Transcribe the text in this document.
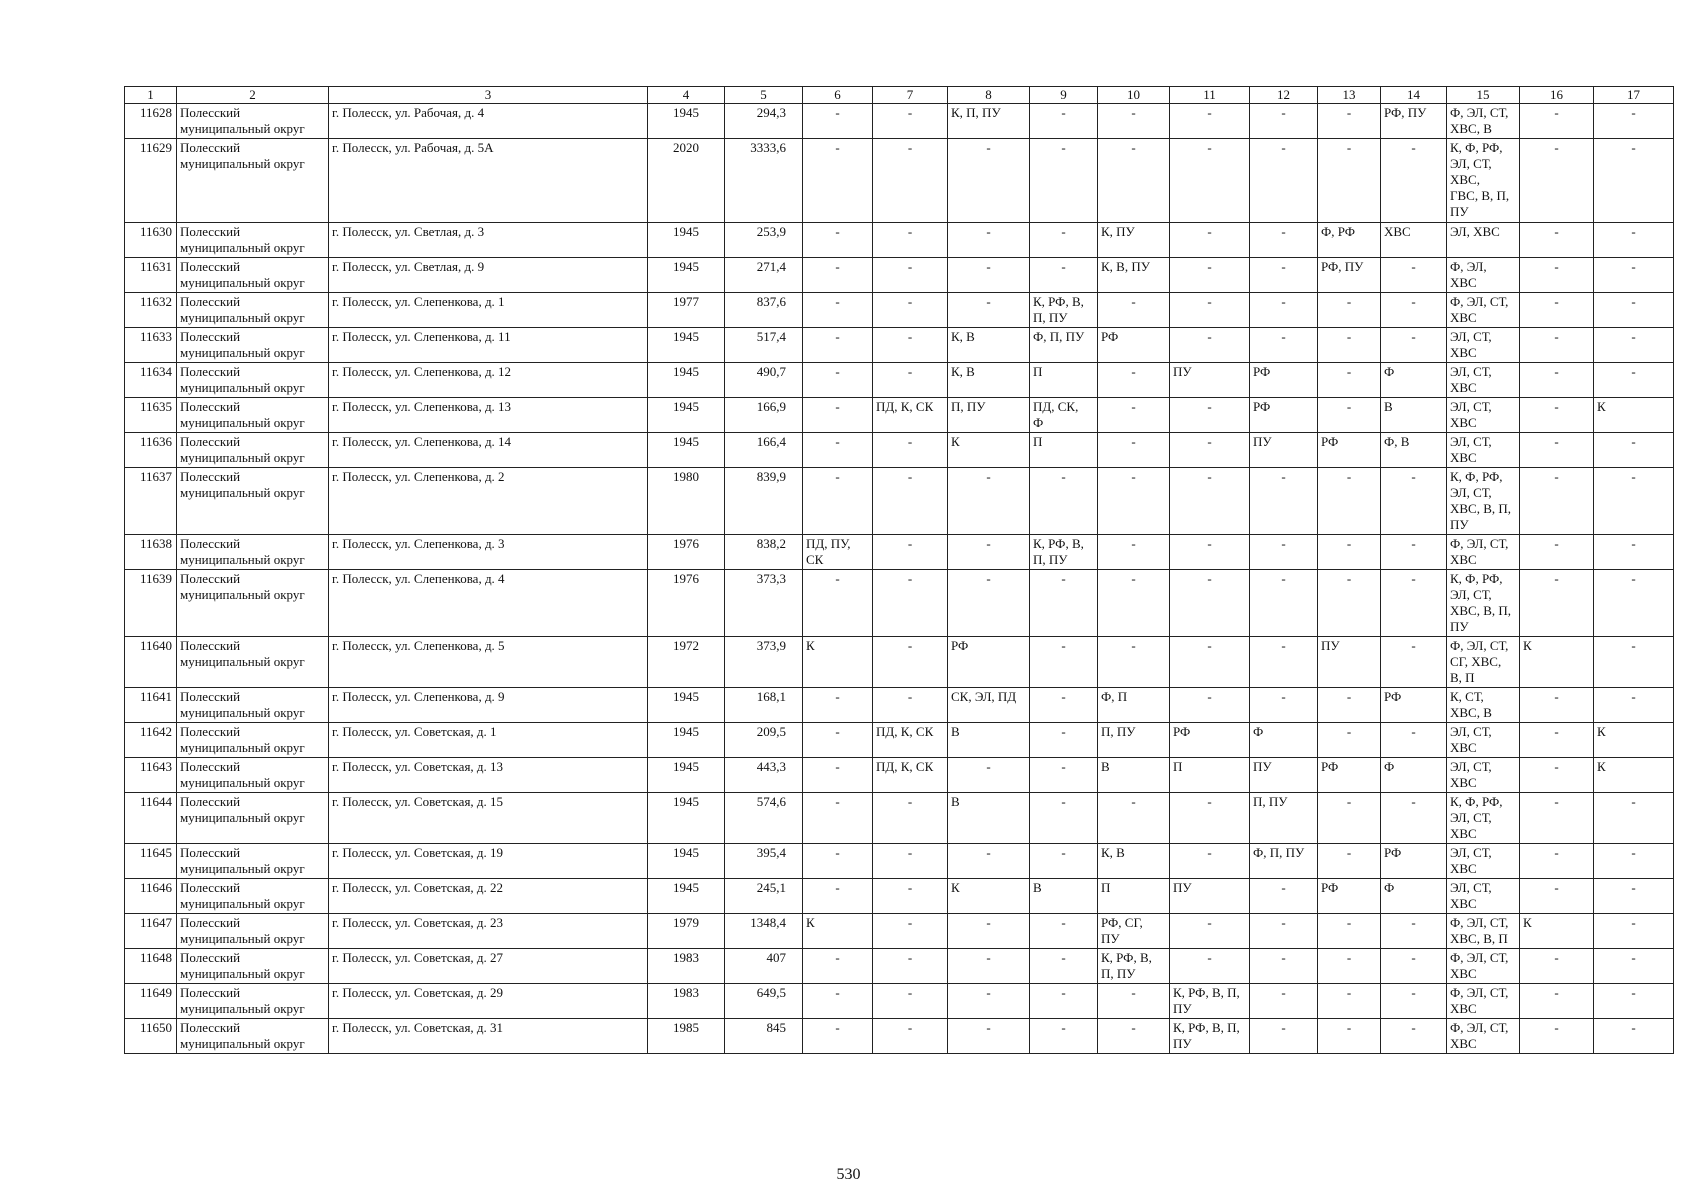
1	2	3	4	5	6	7	8	9	10	11	12	13	14	15	16	17
11628	Полесский
муниципальный округ	г. Полесск, ул. Рабочая, д. 4	1945	294,3	-	-	К, П, ПУ	-	-	-	-	-	РФ, ПУ	Ф, ЭЛ, СТ,
ХВС, В	-	-
11629	Полесский
муниципальный округ	г. Полесск, ул. Рабочая, д. 5А	2020	3333,6	-	-	-	-	-	-	-	-	-	К, Ф, РФ,
ЭЛ, СТ,
ХВС,
ГВС, В, П,
ПУ	-	-
11630	Полесский
муниципальный округ	г. Полесск, ул. Светлая, д. 3	1945	253,9	-	-	-	-	К, ПУ	-	-	Ф, РФ	ХВС	ЭЛ, ХВС	-	-
11631	Полесский
муниципальный округ	г. Полесск, ул. Светлая, д. 9	1945	271,4	-	-	-	-	К, В, ПУ	-	-	РФ, ПУ	-	Ф, ЭЛ,
ХВС	-	-
11632	Полесский
муниципальный округ	г. Полесск, ул. Слепенкова, д. 1	1977	837,6	-	-	-	К, РФ, В,
П, ПУ	-	-	-	-	-	Ф, ЭЛ, СТ,
ХВС	-	-
11633	Полесский
муниципальный округ	г. Полесск, ул. Слепенкова, д. 11	1945	517,4	-	-	К, В	Ф, П, ПУ	РФ	-	-	-	-	ЭЛ, СТ,
ХВС	-	-
11634	Полесский
муниципальный округ	г. Полесск, ул. Слепенкова, д. 12	1945	490,7	-	-	К, В	П	-	ПУ	РФ	-	Ф	ЭЛ, СТ,
ХВС	-	-
11635	Полесский
муниципальный округ	г. Полесск, ул. Слепенкова, д. 13	1945	166,9	-	ПД, К, СК	П, ПУ	ПД, СК,
Ф	-	-	РФ	-	В	ЭЛ, СТ,
ХВС	-	К
11636	Полесский
муниципальный округ	г. Полесск, ул. Слепенкова, д. 14	1945	166,4	-	-	К	П	-	-	ПУ	РФ	Ф, В	ЭЛ, СТ,
ХВС	-	-
11637	Полесский
муниципальный округ	г. Полесск, ул. Слепенкова, д. 2	1980	839,9	-	-	-	-	-	-	-	-	-	К, Ф, РФ,
ЭЛ, СТ,
ХВС, В, П,
ПУ	-	-
11638	Полесский
муниципальный округ	г. Полесск, ул. Слепенкова, д. 3	1976	838,2	ПД, ПУ,
СК	-	-	К, РФ, В,
П, ПУ	-	-	-	-	-	Ф, ЭЛ, СТ,
ХВС	-	-
11639	Полесский
муниципальный округ	г. Полесск, ул. Слепенкова, д. 4	1976	373,3	-	-	-	-	-	-	-	-	-	К, Ф, РФ,
ЭЛ, СТ,
ХВС, В, П,
ПУ	-	-
11640	Полесский
муниципальный округ	г. Полесск, ул. Слепенкова, д. 5	1972	373,9	К	-	РФ	-	-	-	-	ПУ	-	Ф, ЭЛ, СТ,
СГ, ХВС,
В, П	К	-
11641	Полесский
муниципальный округ	г. Полесск, ул. Слепенкова, д. 9	1945	168,1	-	-	СК, ЭЛ, ПД	-	Ф, П	-	-	-	РФ	К, СТ,
ХВС, В	-	-
11642	Полесский
муниципальный округ	г. Полесск, ул. Советская, д. 1	1945	209,5	-	ПД, К, СК	В	-	П, ПУ	РФ	Ф	-	-	ЭЛ, СТ,
ХВС	-	К
11643	Полесский
муниципальный округ	г. Полесск, ул. Советская, д. 13	1945	443,3	-	ПД, К, СК	-	-	В	П	ПУ	РФ	Ф	ЭЛ, СТ,
ХВС	-	К
11644	Полесский
муниципальный округ	г. Полесск, ул. Советская, д. 15	1945	574,6	-	-	В	-	-	-	П, ПУ	-	-	К, Ф, РФ,
ЭЛ, СТ,
ХВС	-	-
11645	Полесский
муниципальный округ	г. Полесск, ул. Советская, д. 19	1945	395,4	-	-	-	-	К, В	-	Ф, П, ПУ	-	РФ	ЭЛ, СТ,
ХВС	-	-
11646	Полесский
муниципальный округ	г. Полесск, ул. Советская, д. 22	1945	245,1	-	-	К	В	П	ПУ	-	РФ	Ф	ЭЛ, СТ,
ХВС	-	-
11647	Полесский
муниципальный округ	г. Полесск, ул. Советская, д. 23	1979	1348,4	К	-	-	-	РФ, СГ,
ПУ	-	-	-	-	Ф, ЭЛ, СТ,
ХВС, В, П	К	-
11648	Полесский
муниципальный округ	г. Полесск, ул. Советская, д. 27	1983	407	-	-	-	-	К, РФ, В,
П, ПУ	-	-	-	-	Ф, ЭЛ, СТ,
ХВС	-	-
11649	Полесский
муниципальный округ	г. Полесск, ул. Советская, д. 29	1983	649,5	-	-	-	-	-	К, РФ, В, П,
ПУ	-	-	-	Ф, ЭЛ, СТ,
ХВС	-	-
11650	Полесский
муниципальный округ	г. Полесск, ул. Советская, д. 31	1985	845	-	-	-	-	-	К, РФ, В, П,
ПУ	-	-	-	Ф, ЭЛ, СТ,
ХВС	-	-
530
